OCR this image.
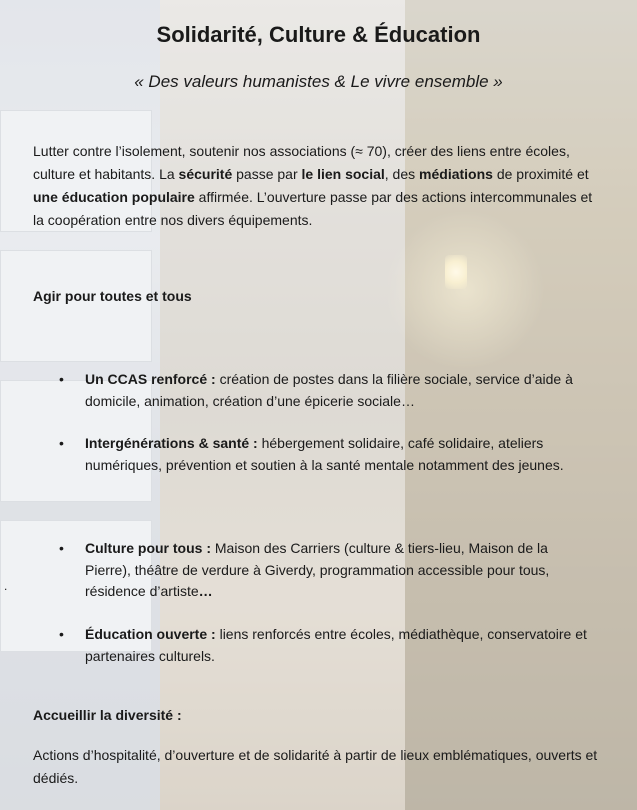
Solidarité, Culture & Éducation

« Des valeurs humanistes & Le vivre ensemble »

Lutter contre l’isolement, soutenir nos associations (≈ 70), créer des liens entre écoles, culture et habitants. La sécurité passe par le lien social, des médiations de proximité et une éducation populaire affirmée. L’ouverture passe par des actions intercommunales et la coopération entre nos divers équipements.

Agir pour toutes et tous

• Un CCAS renforcé : création de postes dans la filière sociale, service d’aide à domicile, animation, création d’une épicerie sociale…
• Intergénérations & santé : hébergement solidaire, café solidaire, ateliers numériques, prévention et soutien à la santé mentale notamment des jeunes.
• Culture pour tous : Maison des Carriers (culture & tiers-lieu, Maison de la Pierre), théâtre de verdure à Giverdy, programmation accessible pour tous, résidence d’artiste…
• Éducation ouverte : liens renforcés entre écoles, médiathèque, conservatoire et partenaires culturels.
.

Accueillir la diversité :

Actions d’hospitalité, d’ouverture et de solidarité à partir de lieux emblématiques, ouverts et dédiés.
